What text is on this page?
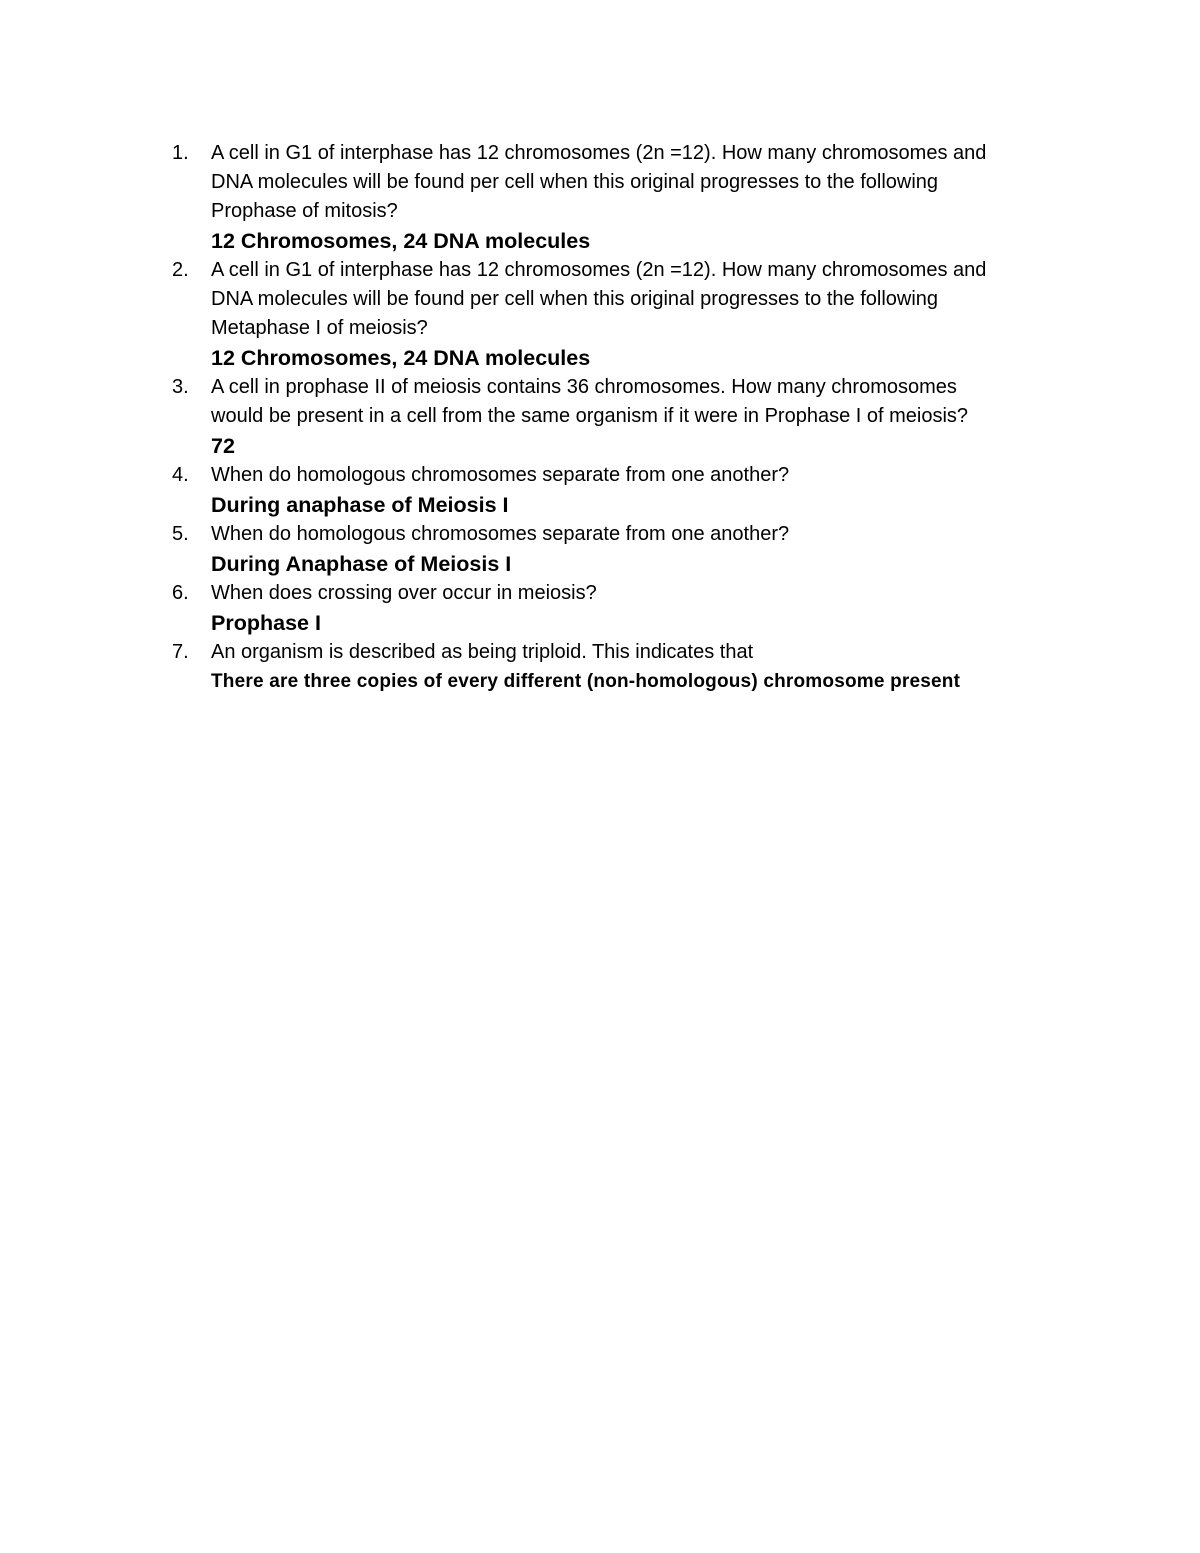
1. A cell in G1 of interphase has 12 chromosomes (2n =12). How many chromosomes and
DNA molecules will be found per cell when this original progresses to the following
Prophase of mitosis?
12 Chromosomes, 24 DNA molecules
2. A cell in G1 of interphase has 12 chromosomes (2n =12). How many chromosomes and
DNA molecules will be found per cell when this original progresses to the following
Metaphase I of meiosis?
12 Chromosomes, 24 DNA molecules
3. A cell in prophase II of meiosis contains 36 chromosomes. How many chromosomes
would be present in a cell from the same organism if it were in Prophase I of meiosis?
72
4. When do homologous chromosomes separate from one another?
During anaphase of Meiosis I
5. When do homologous chromosomes separate from one another?
During Anaphase of Meiosis I
6. When does crossing over occur in meiosis?
Prophase I
7. An organism is described as being triploid. This indicates that
There are three copies of every different (non-homologous) chromosome present
